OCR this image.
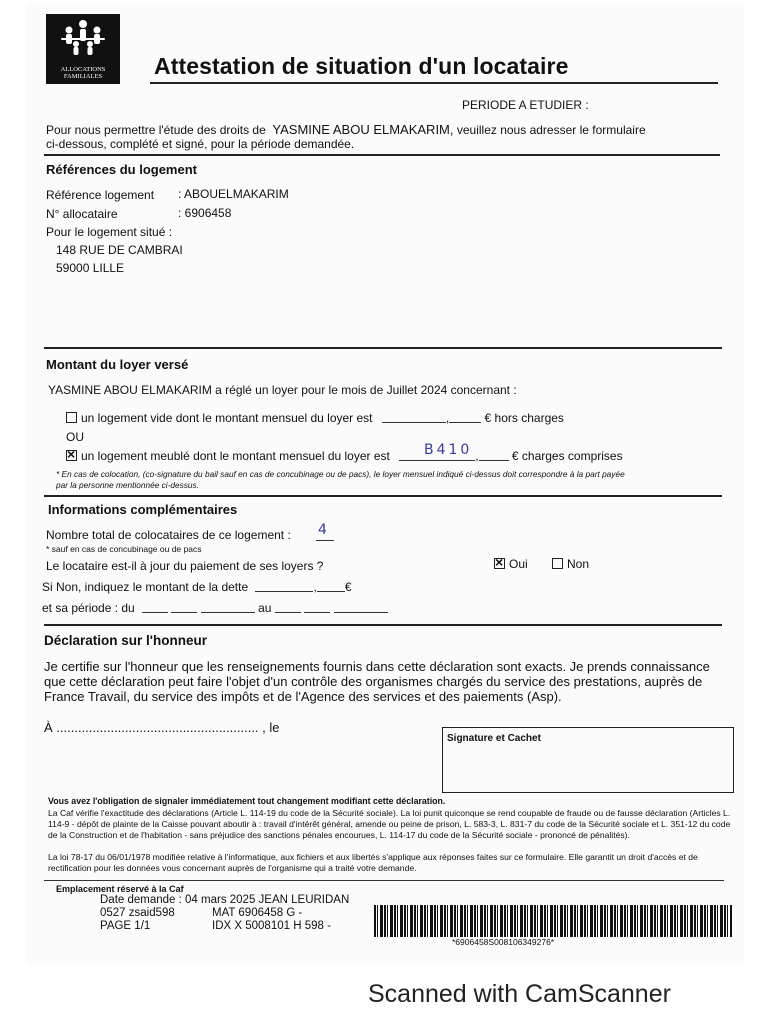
ALLOCATIONS
FAMILIALES	Attestation de situation d'un locataire
PERIODE A ETUDIER :
Pour nous permettre l'étude des droits de YASMINE ABOU ELMAKARIM, veuillez nous adresser le formulaire
ci-dessous, complété et signé, pour la période demandée.
Références du logement
Référence logement : ABOUELMAKARIM
N° allocataire	: 6906458
Pour le logement situé :
148 RUE DE CAMBRAI
59000 LILLE
Montant du loyer versé
YASMINE ABOU ELMAKARIM a réglé un loyer pour le mois de Juillet 2024 concernant :
un logement vide dont le montant mensuel du loyer est	,	€ hors charges
OU
×un logement meublé dont le montant mensuel du loyer est	,	€ charges comprises
B410
* En cas de colocation, (co-signature du bail sauf en cas de concubinage ou de pacs), le loyer mensuel indiqué ci-dessus doit correspondre à la part payée
par la personne mentionnée ci-dessus.
Informations complémentaires
Nombre total de colocataires de ce logement : 4
* sauf en cas de concubinage ou de pacs
Le locataire est-il à jour du paiement de ses loyers ?
×	Oui	Non
Si Non, indiquez le montant de la dette	, €
et sa période : du	au
Déclaration sur l'honneur
Je certifie sur l'honneur que les renseignements fournis dans cette déclaration sont exacts. Je prends connaissance
que cette déclaration peut faire l'objet d'un contrôle des organismes chargés du service des prestations, auprès de
France Travail, du service des impôts et de l'Agence des services et des paiements (Asp).
À ........................................................ , le
Signature et Cachet
Vous avez l'obligation de signaler immédiatement tout changement modifiant cette déclaration.
La Caf vérifie l'exactitude des déclarations (Article L. 114-19 du code de la Sécurité sociale). La loi punit quiconque se rend coupable de fraude ou de fausse déclaration (Articles L. 114-9 - dépôt de plainte de la Caisse pouvant aboutir à : travail d'intérêt général, amende ou peine de prison, L. 583-3, L. 831-7 du code de la Sécurité sociale et L. 351-12 du code de la Construction et de l'habitation - sans préjudice des sanctions pénales encourues, L. 114-17 du code de la Sécurité sociale - prononcé de pénalités).
La loi 78-17 du 06/01/1978 modifiée relative à l'informatique, aux fichiers et aux libertés s'applique aux réponses faites sur ce formulaire. Elle garantit un droit d'accès et de rectification pour les données vous concernant auprès de l'organisme qui a traité votre demande.
Emplacement réservé à la Caf
Date demande : 04 mars 2025 JEAN LEURIDAN
0527 zsaid598	MAT 6906458 G -
PAGE 1/1	IDX X 5008101 H 598 -
*6906458S008106349276*
Scanned with CamScanner
